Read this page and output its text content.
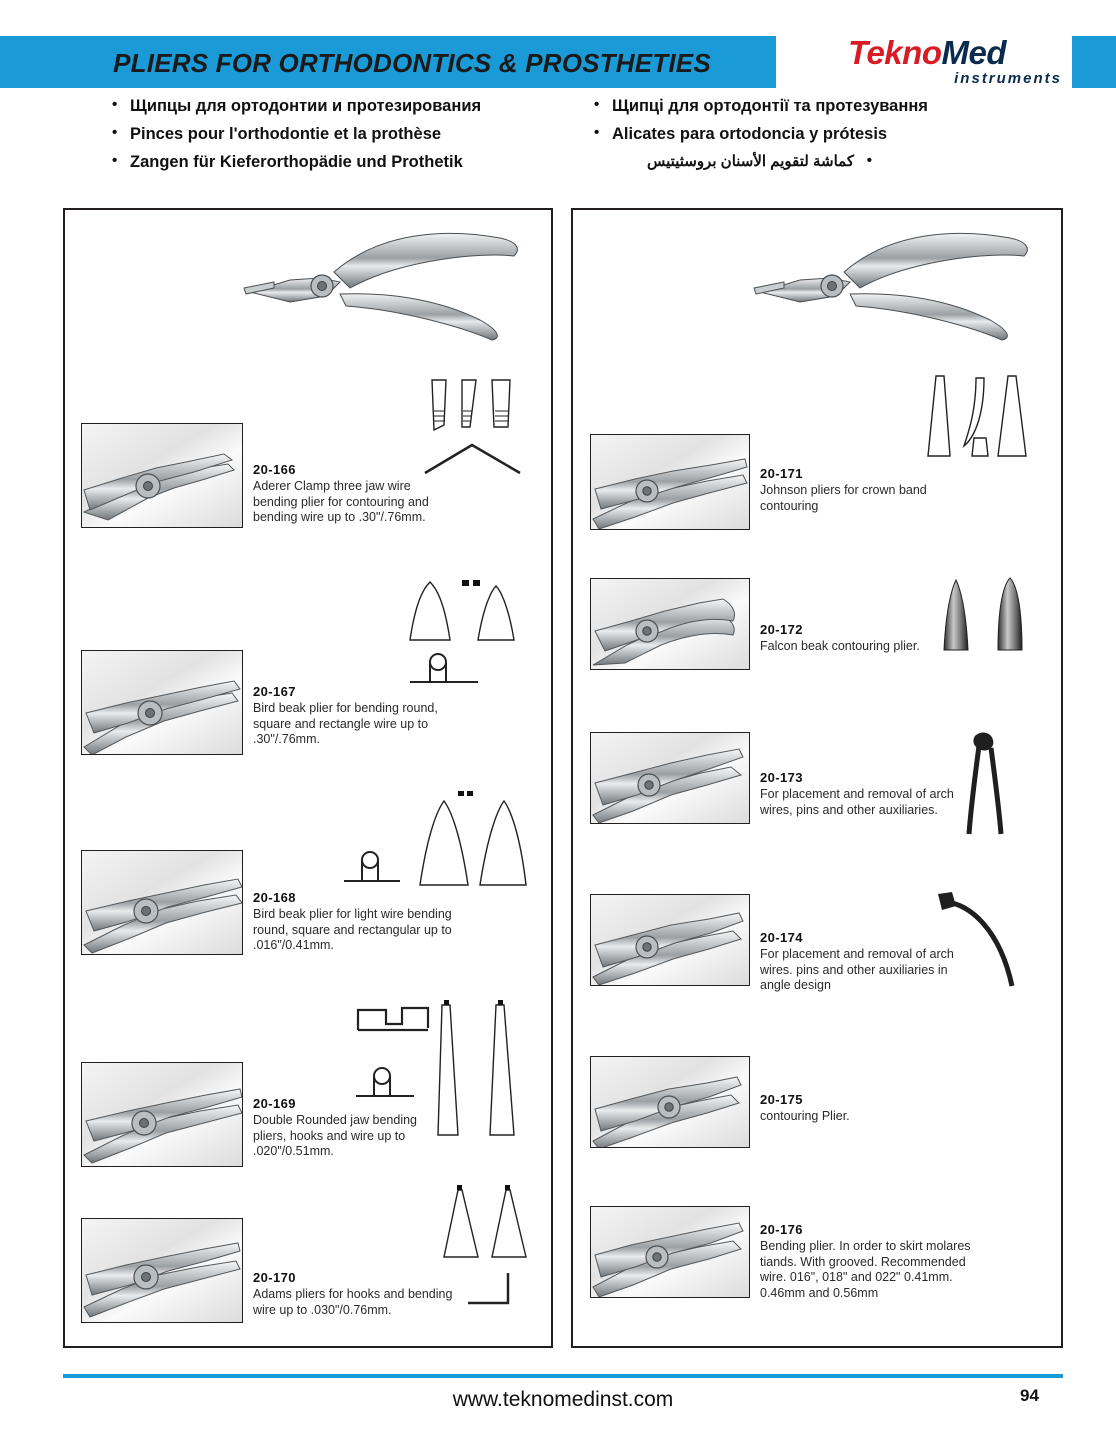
PLIERS FOR ORTHODONTICS & PROSTHETIES	TeknoMed
instruments
• Щипцы для ортодонтии и протезирования
• Pinces pour l'orthodontie et la prothèse
• Zangen für Kieferorthopädie und Prothetik
• Щипці для ортодонтії та протезування
• Alicates para ortodoncia y prótesis
• كماشة لتقويم الأسنان بروسثيتيس
20-166
Aderer Clamp three jaw wire bending plier for contouring and bending wire up to .30"/.76mm.
20-167
Bird beak plier for bending round, square and rectangle wire up to .30"/.76mm.
20-168
Bird beak plier for light wire bending round, square and rectangular up to .016"/0.41mm.
20-169
Double Rounded jaw bending pliers, hooks and wire up to .020"/0.51mm.
20-170
Adams pliers for hooks and bending wire up to .030"/0.76mm.
20-171
Johnson pliers for crown band contouring
20-172
Falcon beak contouring plier.
20-173
For placement and removal of arch wires, pins and other auxiliaries.
20-174
For placement and removal of arch wires. pins and other auxiliaries in angle design
20-175
contouring Plier.
20-176
Bending plier. In order to skirt molares tiands. With grooved. Recommended wire. 016", 018" and 022" 0.41mm. 0.46mm and 0.56mm
www.teknomedinst.com	94
